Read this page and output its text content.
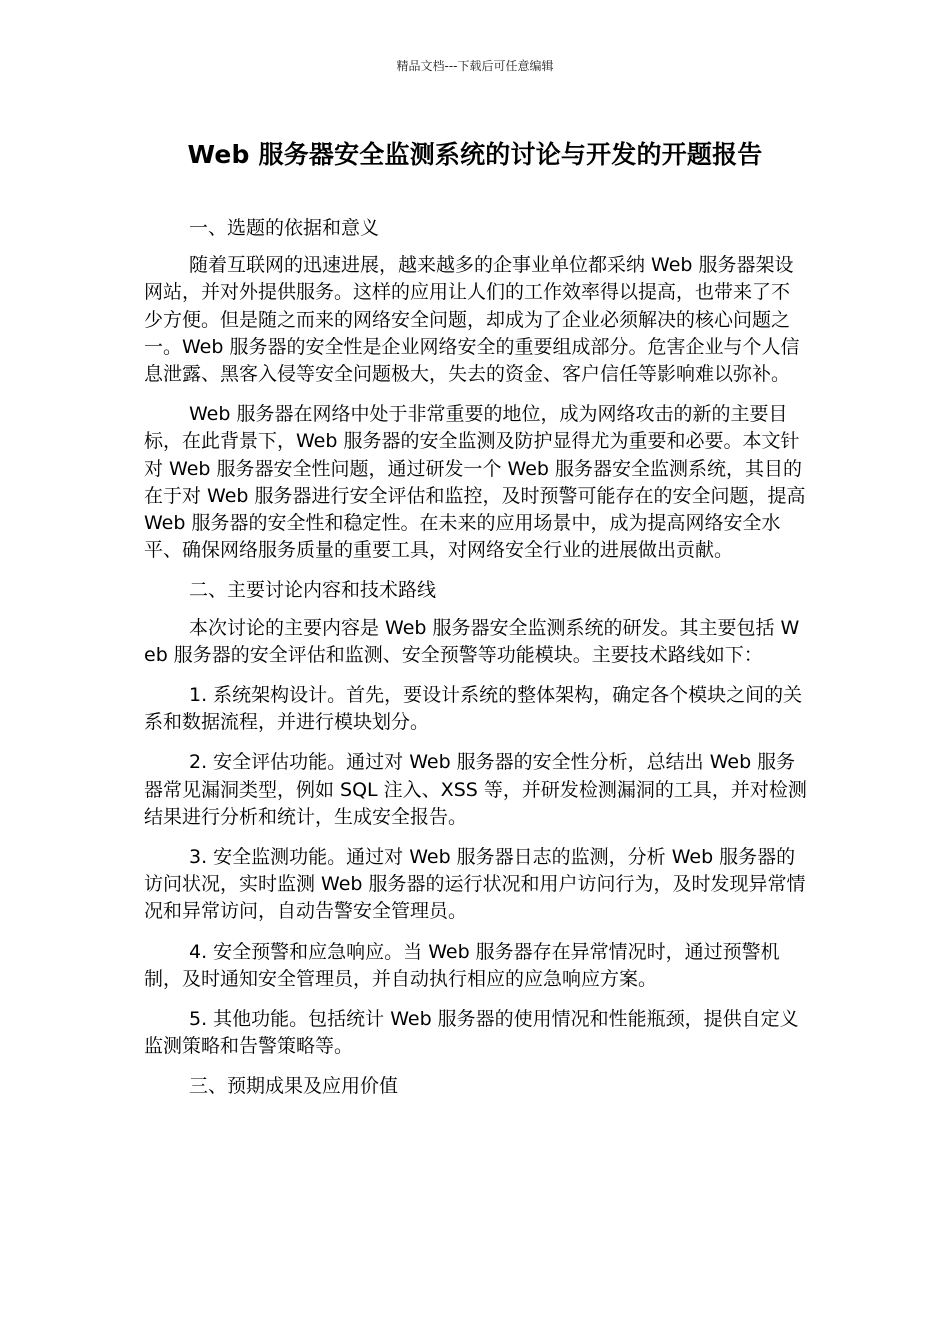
精品文档---下载后可任意编辑
Web 服务器安全监测系统的讨论与开发的开题报告

一、选题的依据和意义

随着互联网的迅速进展，越来越多的企事业单位都采纳 Web 服务器架设网站，并对外提供服务。这样的应用让人们的工作效率得以提高，也带来了不少方便。但是随之而来的网络安全问题，却成为了企业必须解决的核心问题之一。Web 服务器的安全性是企业网络安全的重要组成部分。危害企业与个人信息泄露、黑客入侵等安全问题极大，失去的资金、客户信任等影响难以弥补。

Web 服务器在网络中处于非常重要的地位，成为网络攻击的新的主要目标，在此背景下，Web 服务器的安全监测及防护显得尤为重要和必要。本文针对 Web 服务器安全性问题，通过研发一个 Web 服务器安全监测系统，其目的在于对 Web 服务器进行安全评估和监控，及时预警可能存在的安全问题，提高 Web 服务器的安全性和稳定性。在未来的应用场景中，成为提高网络安全水平、确保网络服务质量的重要工具，对网络安全行业的进展做出贡献。

二、主要讨论内容和技术路线

本次讨论的主要内容是 Web 服务器安全监测系统的研发。其主要包括 Web 服务器的安全评估和监测、安全预警等功能模块。主要技术路线如下：

1. 系统架构设计。首先，要设计系统的整体架构，确定各个模块之间的关系和数据流程，并进行模块划分。

2. 安全评估功能。通过对 Web 服务器的安全性分析，总结出 Web 服务器常见漏洞类型，例如 SQL 注入、XSS 等，并研发检测漏洞的工具，并对检测结果进行分析和统计，生成安全报告。

3. 安全监测功能。通过对 Web 服务器日志的监测，分析 Web 服务器的访问状况，实时监测 Web 服务器的运行状况和用户访问行为，及时发现异常情况和异常访问，自动告警安全管理员。

4. 安全预警和应急响应。当 Web 服务器存在异常情况时，通过预警机制，及时通知安全管理员，并自动执行相应的应急响应方案。

5. 其他功能。包括统计 Web 服务器的使用情况和性能瓶颈，提供自定义监测策略和告警策略等。

三、预期成果及应用价值
